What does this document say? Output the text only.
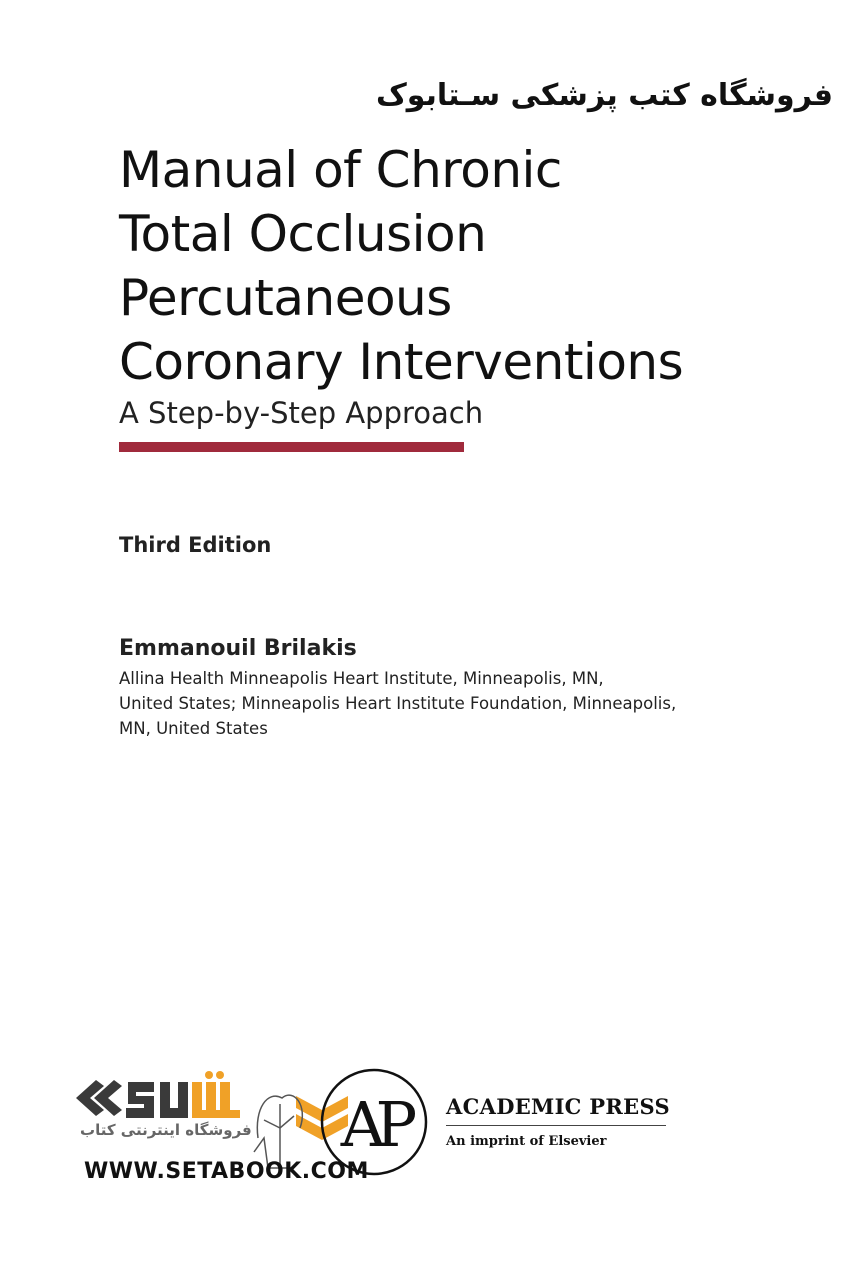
فروشگاه کتب پزشکی سـتابوک
Manual of Chronic
Total Occlusion
Percutaneous
Coronary Interventions
A Step-by-Step Approach
Third Edition
Emmanouil Brilakis
Allina Health Minneapolis Heart Institute, Minneapolis, MN,
United States; Minneapolis Heart Institute Foundation, Minneapolis,
MN, United States
فروشگاه اینترنتی کتاب
WWW.SETABOOK.COM
AP	ACADEMIC PRESS
An imprint of Elsevier
